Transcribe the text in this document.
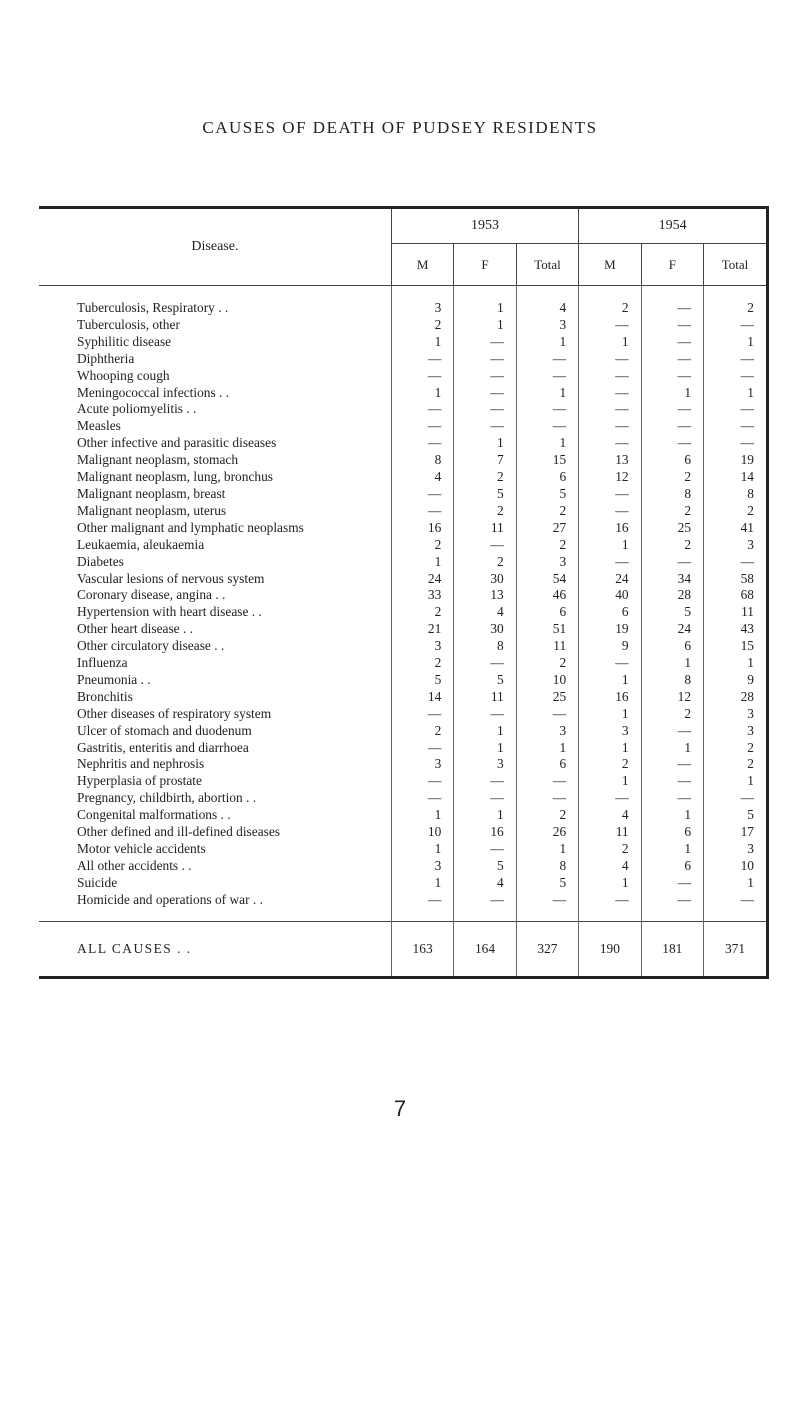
CAUSES OF DEATH OF PUDSEY RESIDENTS
Disease.	1953			1954		
	M	F	Total	M	F	Total
Tuberculosis, Respiratory . .	3	1	4	2	—	2
Tuberculosis, other	2	1	3	—	—	—
Syphilitic disease	1	—	1	1	—	1
Diphtheria	—	—	—	—	—	—
Whooping cough	—	—	—	—	—	—
Meningococcal infections . .	1	—	1	—	1	1
Acute poliomyelitis . .	—	—	—	—	—	—
Measles	—	—	—	—	—	—
Other infective and parasitic diseases	—	1	1	—	—	—
Malignant neoplasm, stomach	8	7	15	13	6	19
Malignant neoplasm, lung, bronchus	4	2	6	12	2	14
Malignant neoplasm, breast	—	5	5	—	8	8
Malignant neoplasm, uterus	—	2	2	—	2	2
Other malignant and lymphatic neoplasms	16	11	27	16	25	41
Leukaemia, aleukaemia	2	—	2	1	2	3
Diabetes	1	2	3	—	—	—
Vascular lesions of nervous system	24	30	54	24	34	58
Coronary disease, angina . .	33	13	46	40	28	68
Hypertension with heart disease . .	2	4	6	6	5	11
Other heart disease . .	21	30	51	19	24	43
Other circulatory disease . .	3	8	11	9	6	15
Influenza	2	—	2	—	1	1
Pneumonia . .	5	5	10	1	8	9
Bronchitis	14	11	25	16	12	28
Other diseases of respiratory system	—	—	—	1	2	3
Ulcer of stomach and duodenum	2	1	3	3	—	3
Gastritis, enteritis and diarrhoea	—	1	1	1	1	2
Nephritis and nephrosis	3	3	6	2	—	2
Hyperplasia of prostate	—	—	—	1	—	1
Pregnancy, childbirth, abortion . .	—	—	—	—	—	—
Congenital malformations . .	1	1	2	4	1	5
Other defined and ill-defined diseases	10	16	26	11	6	17
Motor vehicle accidents	1	—	1	2	1	3
All other accidents . .	3	5	8	4	6	10
Suicide	1	4	5	1	—	1
Homicide and operations of war . .	—	—	—	—	—	—
ALL CAUSES . .	163	164	327	190	181	371
7
